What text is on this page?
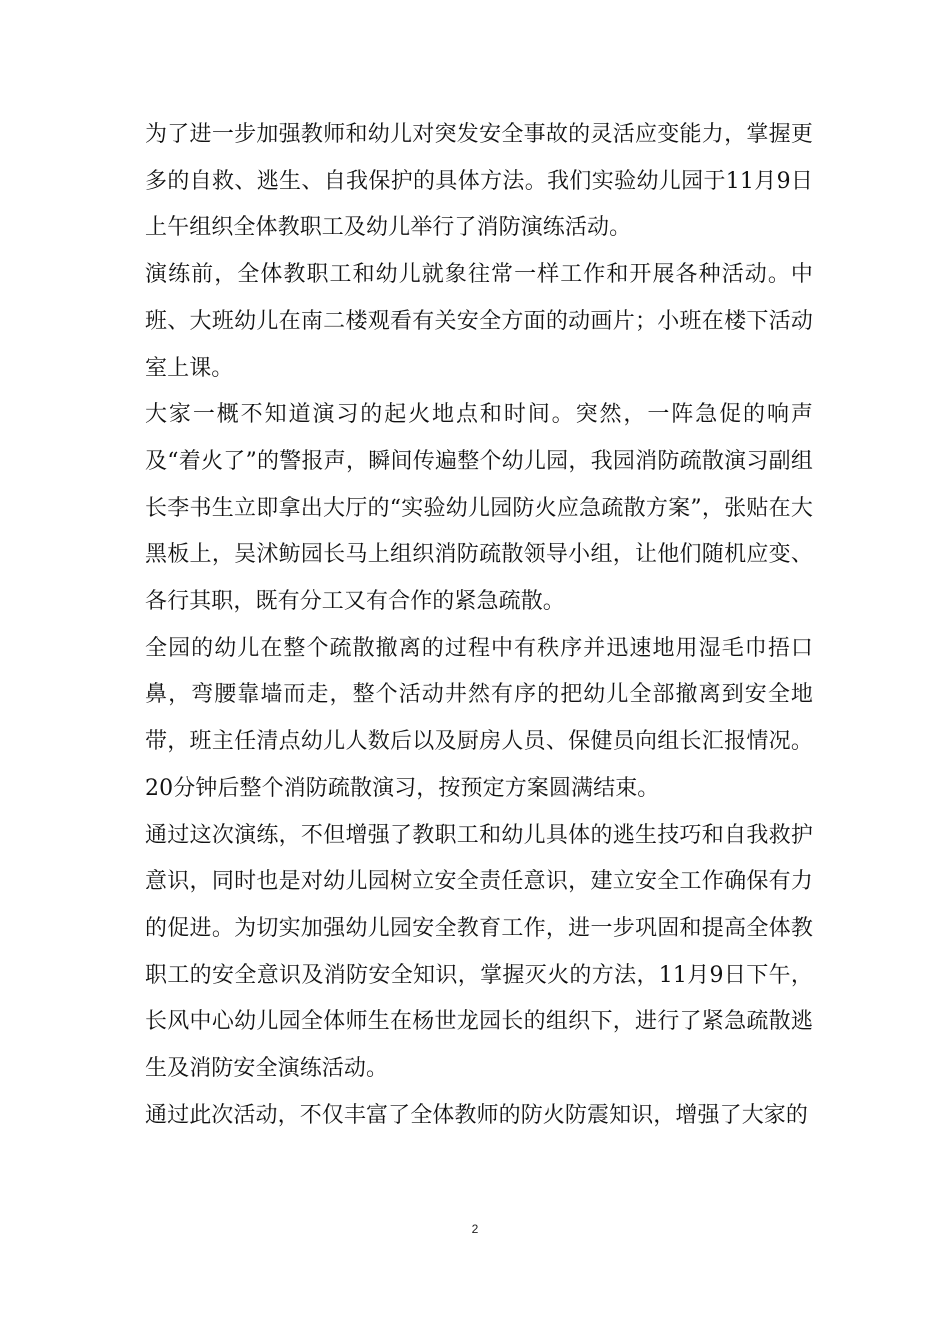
为了进一步加强教师和幼儿对突发安全事故的灵活应变能力，掌握更多的自救、逃生、自我保护的具体方法。我们实验幼儿园于11月9日上午组织全体教职工及幼儿举行了消防演练活动。

演练前，全体教职工和幼儿就象往常一样工作和开展各种活动。中班、大班幼儿在南二楼观看有关安全方面的动画片；小班在楼下活动室上课。

大家一概不知道演习的起火地点和时间。突然，一阵急促的响声及“着火了”的警报声，瞬间传遍整个幼儿园，我园消防疏散演习副组长李书生立即拿出大厅的“实验幼儿园防火应急疏散方案”，张贴在大黑板上，吴沭鲂园长马上组织消防疏散领导小组，让他们随机应变、各行其职，既有分工又有合作的紧急疏散。

全园的幼儿在整个疏散撤离的过程中有秩序并迅速地用湿毛巾捂口鼻，弯腰靠墙而走，整个活动井然有序的把幼儿全部撤离到安全地带，班主任清点幼儿人数后以及厨房人员、保健员向组长汇报情况。20分钟后整个消防疏散演习，按预定方案圆满结束。

通过这次演练，不但增强了教职工和幼儿具体的逃生技巧和自我救护意识，同时也是对幼儿园树立安全责任意识，建立安全工作确保有力的促进。为切实加强幼儿园安全教育工作，进一步巩固和提高全体教职工的安全意识及消防安全知识，掌握灭火的方法，11月9日下午，长风中心幼儿园全体师生在杨世龙园长的组织下，进行了紧急疏散逃生及消防安全演练活动。

通过此次活动，不仅丰富了全体教师的防火防震知识，增强了大家的

2
